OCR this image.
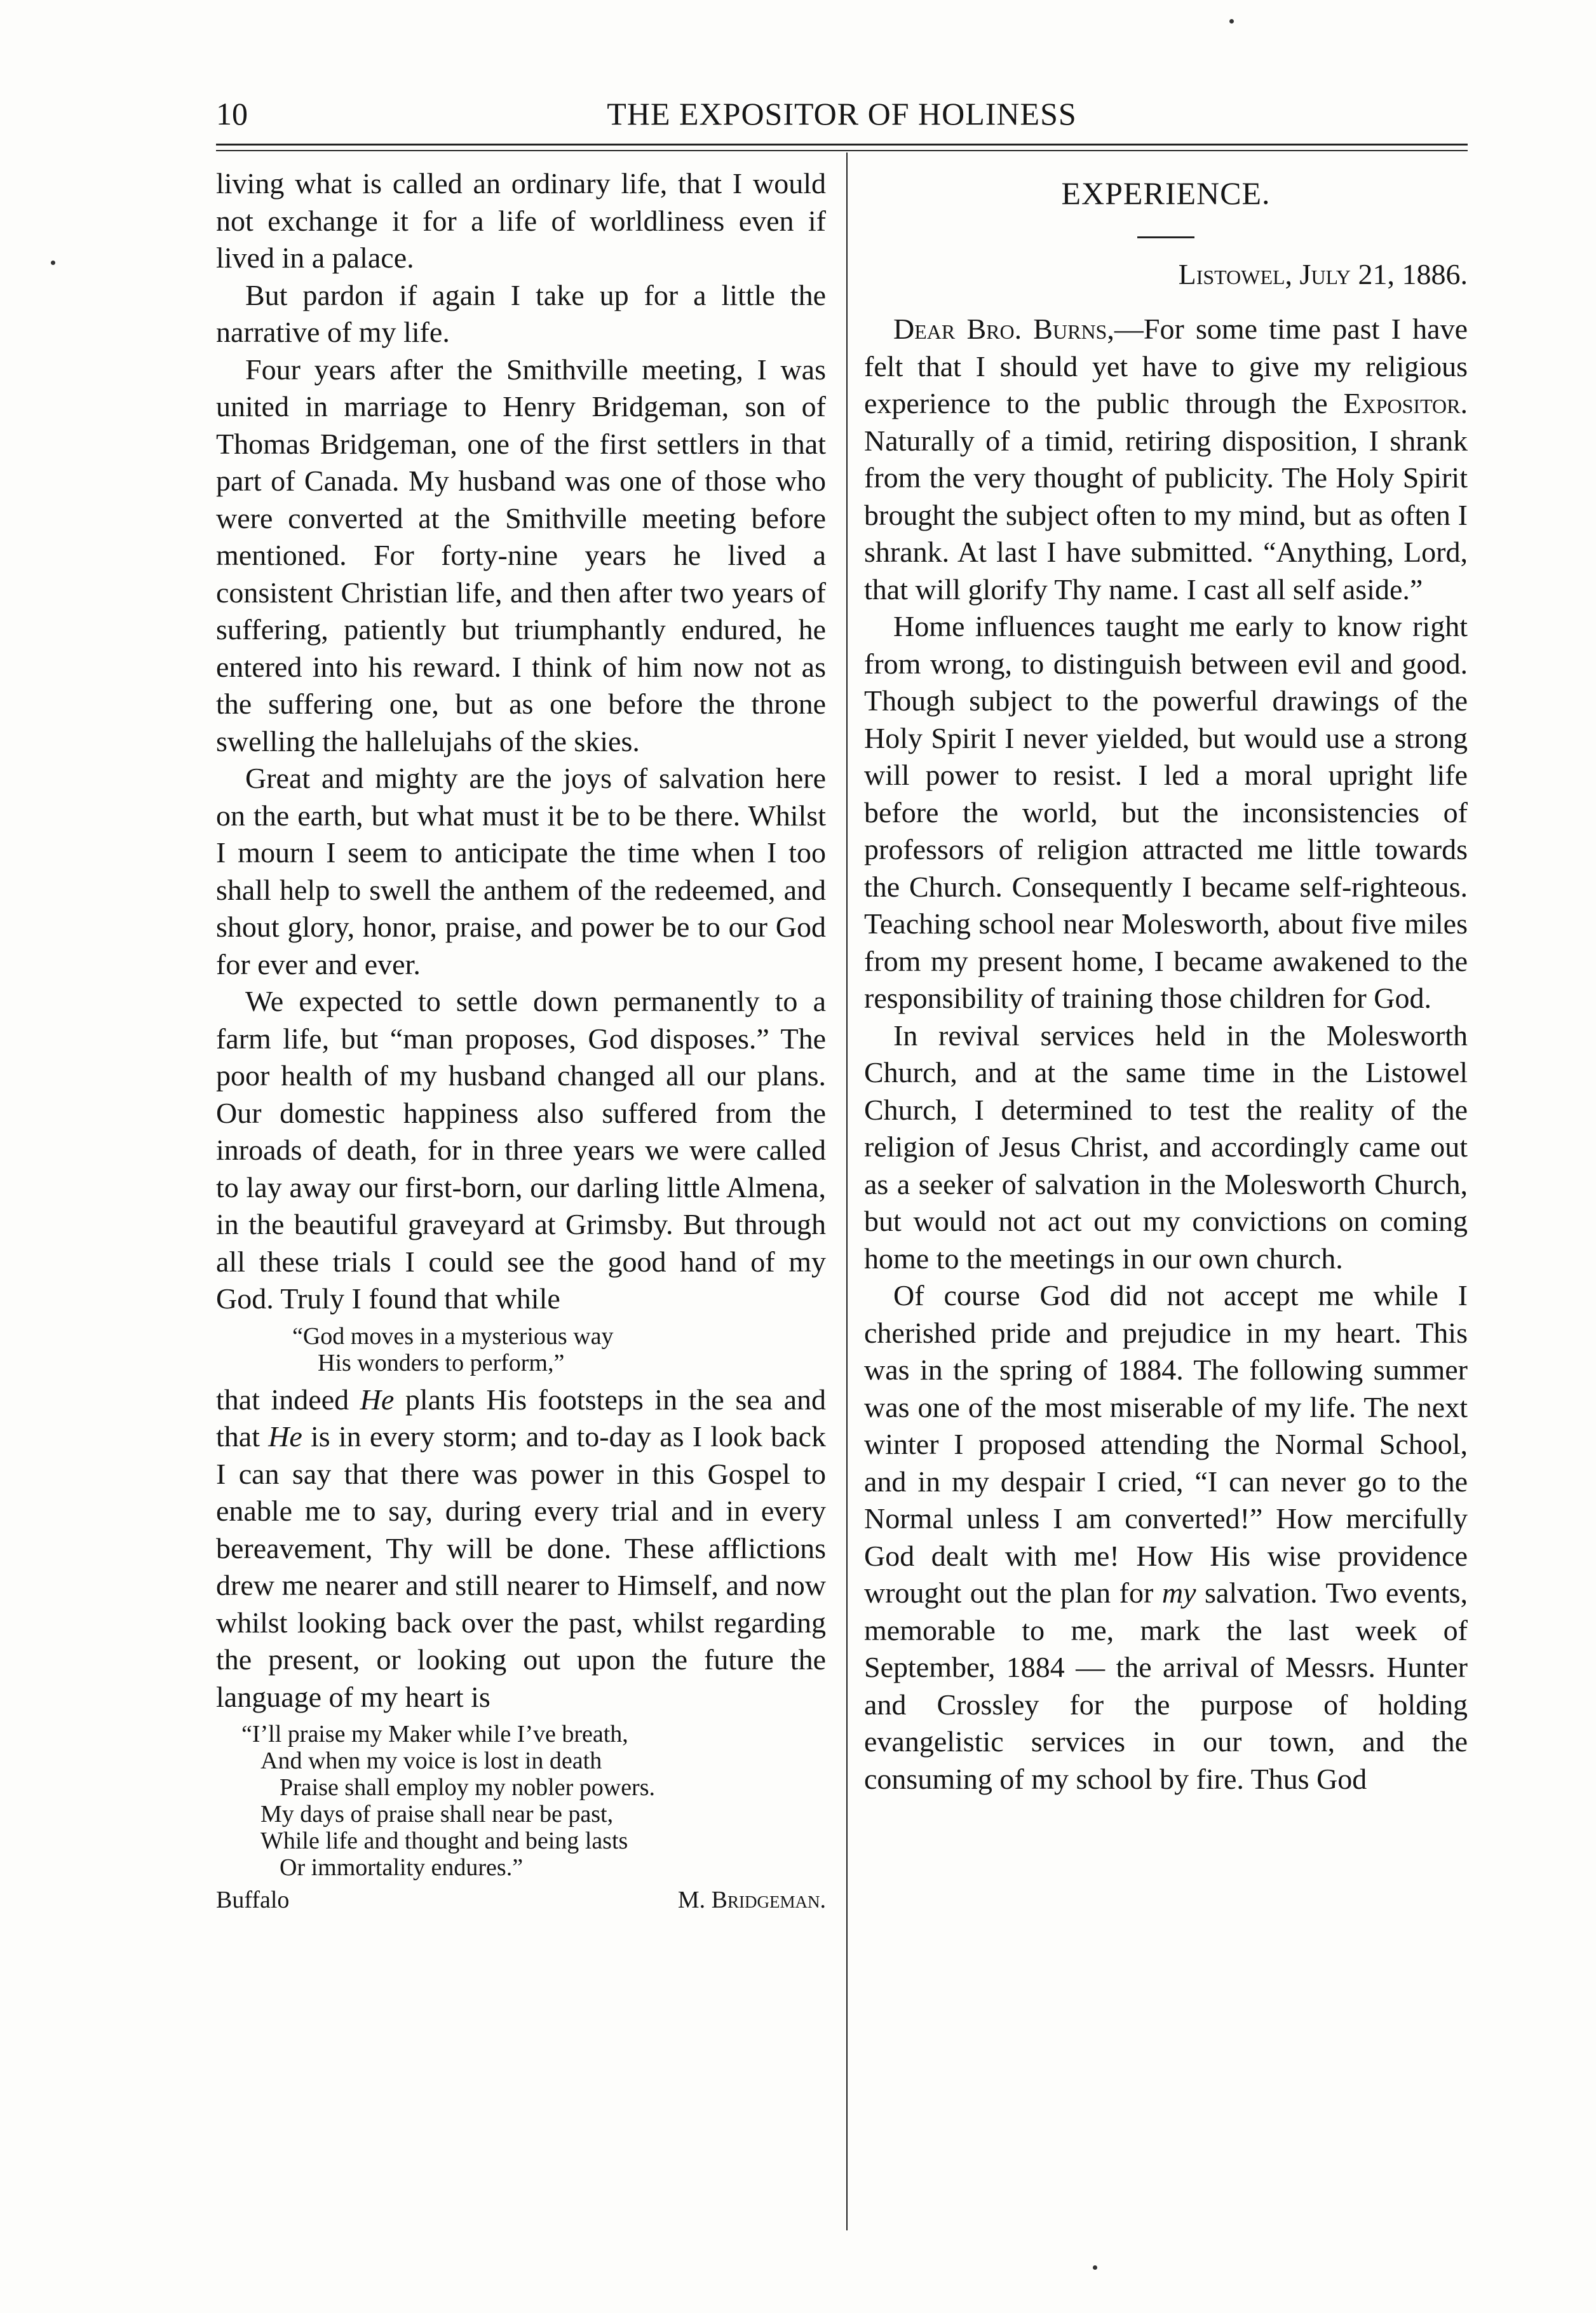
10	THE EXPOSITOR OF HOLINESS

living what is called an ordinary life, that I would not exchange it for a life of worldliness even if lived in a palace.

But pardon if again I take up for a little the narrative of my life.

Four years after the Smithville meeting, I was united in marriage to Henry Bridgeman, son of Thomas Bridgeman, one of the first settlers in that part of Canada. My husband was one of those who were converted at the Smithville meeting before mentioned. For forty-nine years he lived a consistent Christian life, and then after two years of suffering, patiently but triumphantly endured, he entered into his reward. I think of him now not as the suffering one, but as one before the throne swelling the hallelujahs of the skies.

Great and mighty are the joys of salvation here on the earth, but what must it be to be there. Whilst I mourn I seem to anticipate the time when I too shall help to swell the anthem of the redeemed, and shout glory, honor, praise, and power be to our God for ever and ever.

We expected to settle down permanently to a farm life, but “man proposes, God disposes.” The poor health of my husband changed all our plans. Our domestic happiness also suffered from the inroads of death, for in three years we were called to lay away our first-born, our darling little Almena, in the beautiful graveyard at Grimsby. But through all these trials I could see the good hand of my God. Truly I found that while

“God moves in a mysterious way
His wonders to perform,”

that indeed He plants His footsteps in the sea and that He is in every storm; and to-day as I look back I can say that there was power in this Gospel to enable me to say, during every trial and in every bereavement, Thy will be done. These afflictions drew me nearer and still nearer to Himself, and now whilst looking back over the past, whilst regarding the present, or looking out upon the future the language of my heart is

“I’ll praise my Maker while I’ve breath,
And when my voice is lost in death
Praise shall employ my nobler powers.
My days of praise shall near be past,
While life and thought and being lasts
Or immortality endures.”
Buffalo	M. Bridgeman.
EXPERIENCE.
Listowel, July 21, 1886.

Dear Bro. Burns,—For some time past I have felt that I should yet have to give my religious experience to the public through the Expositor. Naturally of a timid, retiring disposition, I shrank from the very thought of publicity. The Holy Spirit brought the subject often to my mind, but as often I shrank. At last I have submitted. “Anything, Lord, that will glorify Thy name. I cast all self aside.”

Home influences taught me early to know right from wrong, to distinguish between evil and good. Though subject to the powerful drawings of the Holy Spirit I never yielded, but would use a strong will power to resist. I led a moral upright life before the world, but the inconsistencies of professors of religion attracted me little towards the Church. Consequently I became self-righteous. Teaching school near Molesworth, about five miles from my present home, I became awakened to the responsibility of training those children for God.

In revival services held in the Molesworth Church, and at the same time in the Listowel Church, I determined to test the reality of the religion of Jesus Christ, and accordingly came out as a seeker of salvation in the Molesworth Church, but would not act out my convictions on coming home to the meetings in our own church.

Of course God did not accept me while I cherished pride and prejudice in my heart. This was in the spring of 1884. The following summer was one of the most miserable of my life. The next winter I proposed attending the Normal School, and in my despair I cried, “I can never go to the Normal unless I am converted!” How mercifully God dealt with me! How His wise providence wrought out the plan for my salvation. Two events, memorable to me, mark the last week of September, 1884 — the arrival of Messrs. Hunter and Crossley for the purpose of holding evangelistic services in our town, and the consuming of my school by fire. Thus God
